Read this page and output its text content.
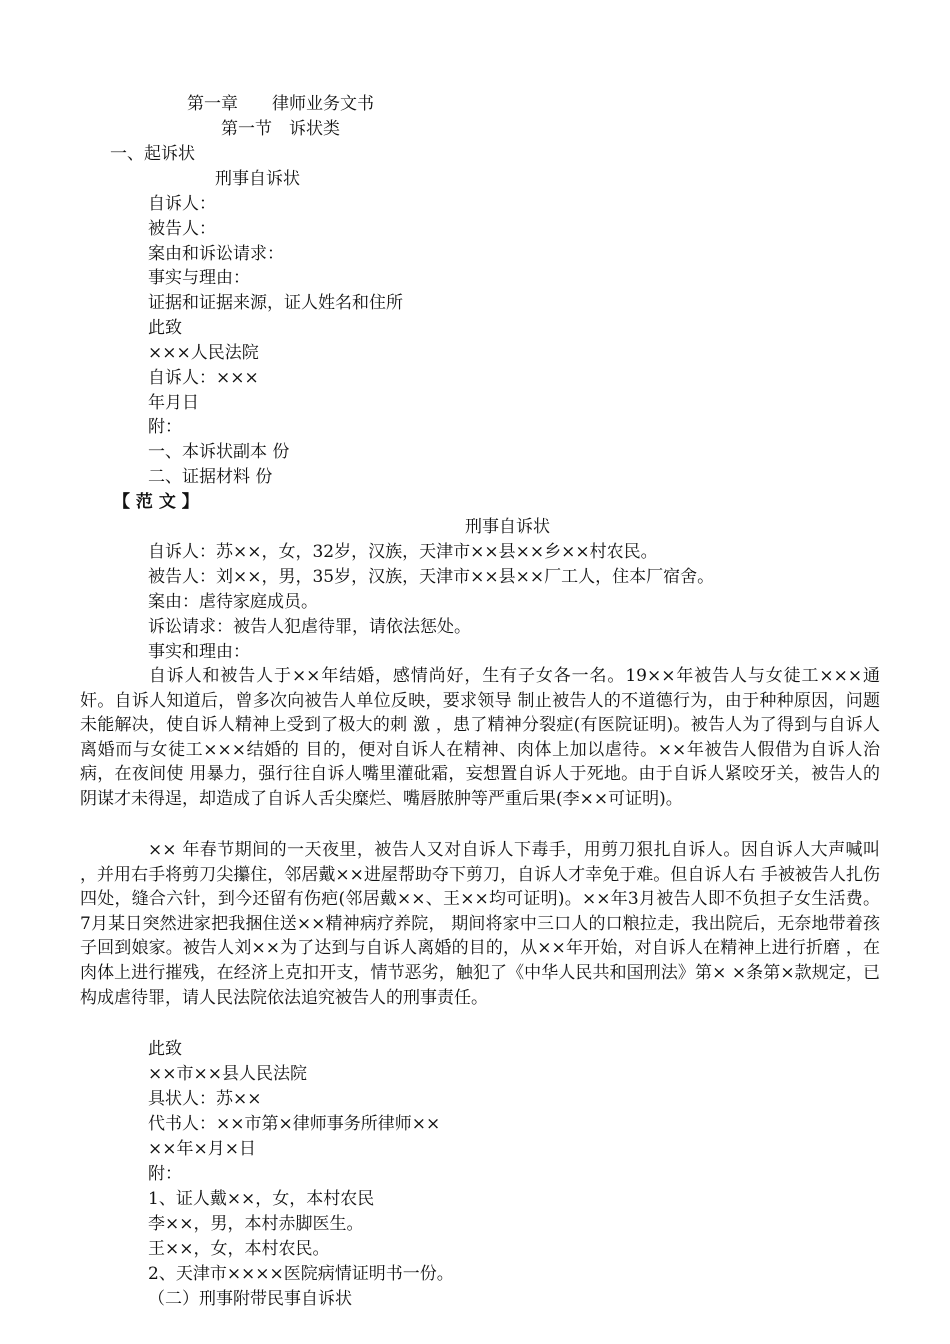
第一章　　律师业务文书
第一节　诉状类
一、起诉状
刑事自诉状
自诉人：
被告人：
案由和诉讼请求：
事实与理由：
证据和证据来源，证人姓名和住所
此致
×××人民法院
自诉人：×××
年月日
附：
一、本诉状副本 份
二、证据材料 份
【 范 文 】
刑事自诉状
自诉人：苏××，女，32岁，汉族，天津市××县××乡××村农民。
被告人：刘××，男，35岁，汉族，天津市××县××厂工人，住本厂宿舍。
案由：虐待家庭成员。
诉讼请求：被告人犯虐待罪，请依法惩处。
事实和理由：
自诉人和被告人于××年结婚，感情尚好，生有子女各一名。19××年被告人与女徒工×××通奸。自诉人知道后，曾多次向被告人单位反映，要求领导 制止被告人的不道德行为，由于种种原因，问题未能解决，使自诉人精神上受到了极大的刺 激 ，患了精神分裂症(有医院证明)。被告人为了得到与自诉人离婚而与女徒工×××结婚的 目的，便对自诉人在精神、肉体上加以虐待。××年被告人假借为自诉人治病，在夜间使 用暴力，强行往自诉人嘴里灌砒霜，妄想置自诉人于死地。由于自诉人紧咬牙关，被告人的 阴谋才未得逞，却造成了自诉人舌尖糜烂、嘴唇脓肿等严重后果(李××可证明)。
×× 年春节期间的一天夜里，被告人又对自诉人下毒手，用剪刀狠扎自诉人。因自诉人大声喊叫 ，并用右手将剪刀尖攥住，邻居戴××进屋帮助夺下剪刀，自诉人才幸免于难。但自诉人右 手被被告人扎伤四处，缝合六针，到今还留有伤疤(邻居戴××、王××均可证明)。××年3月被告人即不负担子女生活费。7月某日突然进家把我捆住送××精神病疗养院， 期间将家中三口人的口粮拉走，我出院后，无奈地带着孩子回到娘家。被告人刘××为了达到与自诉人离婚的目的，从××年开始，对自诉人在精神上进行折磨 ，在肉体上进行摧残，在经济上克扣开支，情节恶劣，触犯了《中华人民共和国刑法》第× ×条第×款规定，已构成虐待罪，请人民法院依法追究被告人的刑事责任。
此致
××市××县人民法院
具状人：苏××
代书人：××市第×律师事务所律师××
××年×月×日
附：
1、证人戴××，女，本村农民
李××，男，本村赤脚医生。
王××，女，本村农民。
2、天津市××××医院病情证明书一份。
（二）刑事附带民事自诉状
